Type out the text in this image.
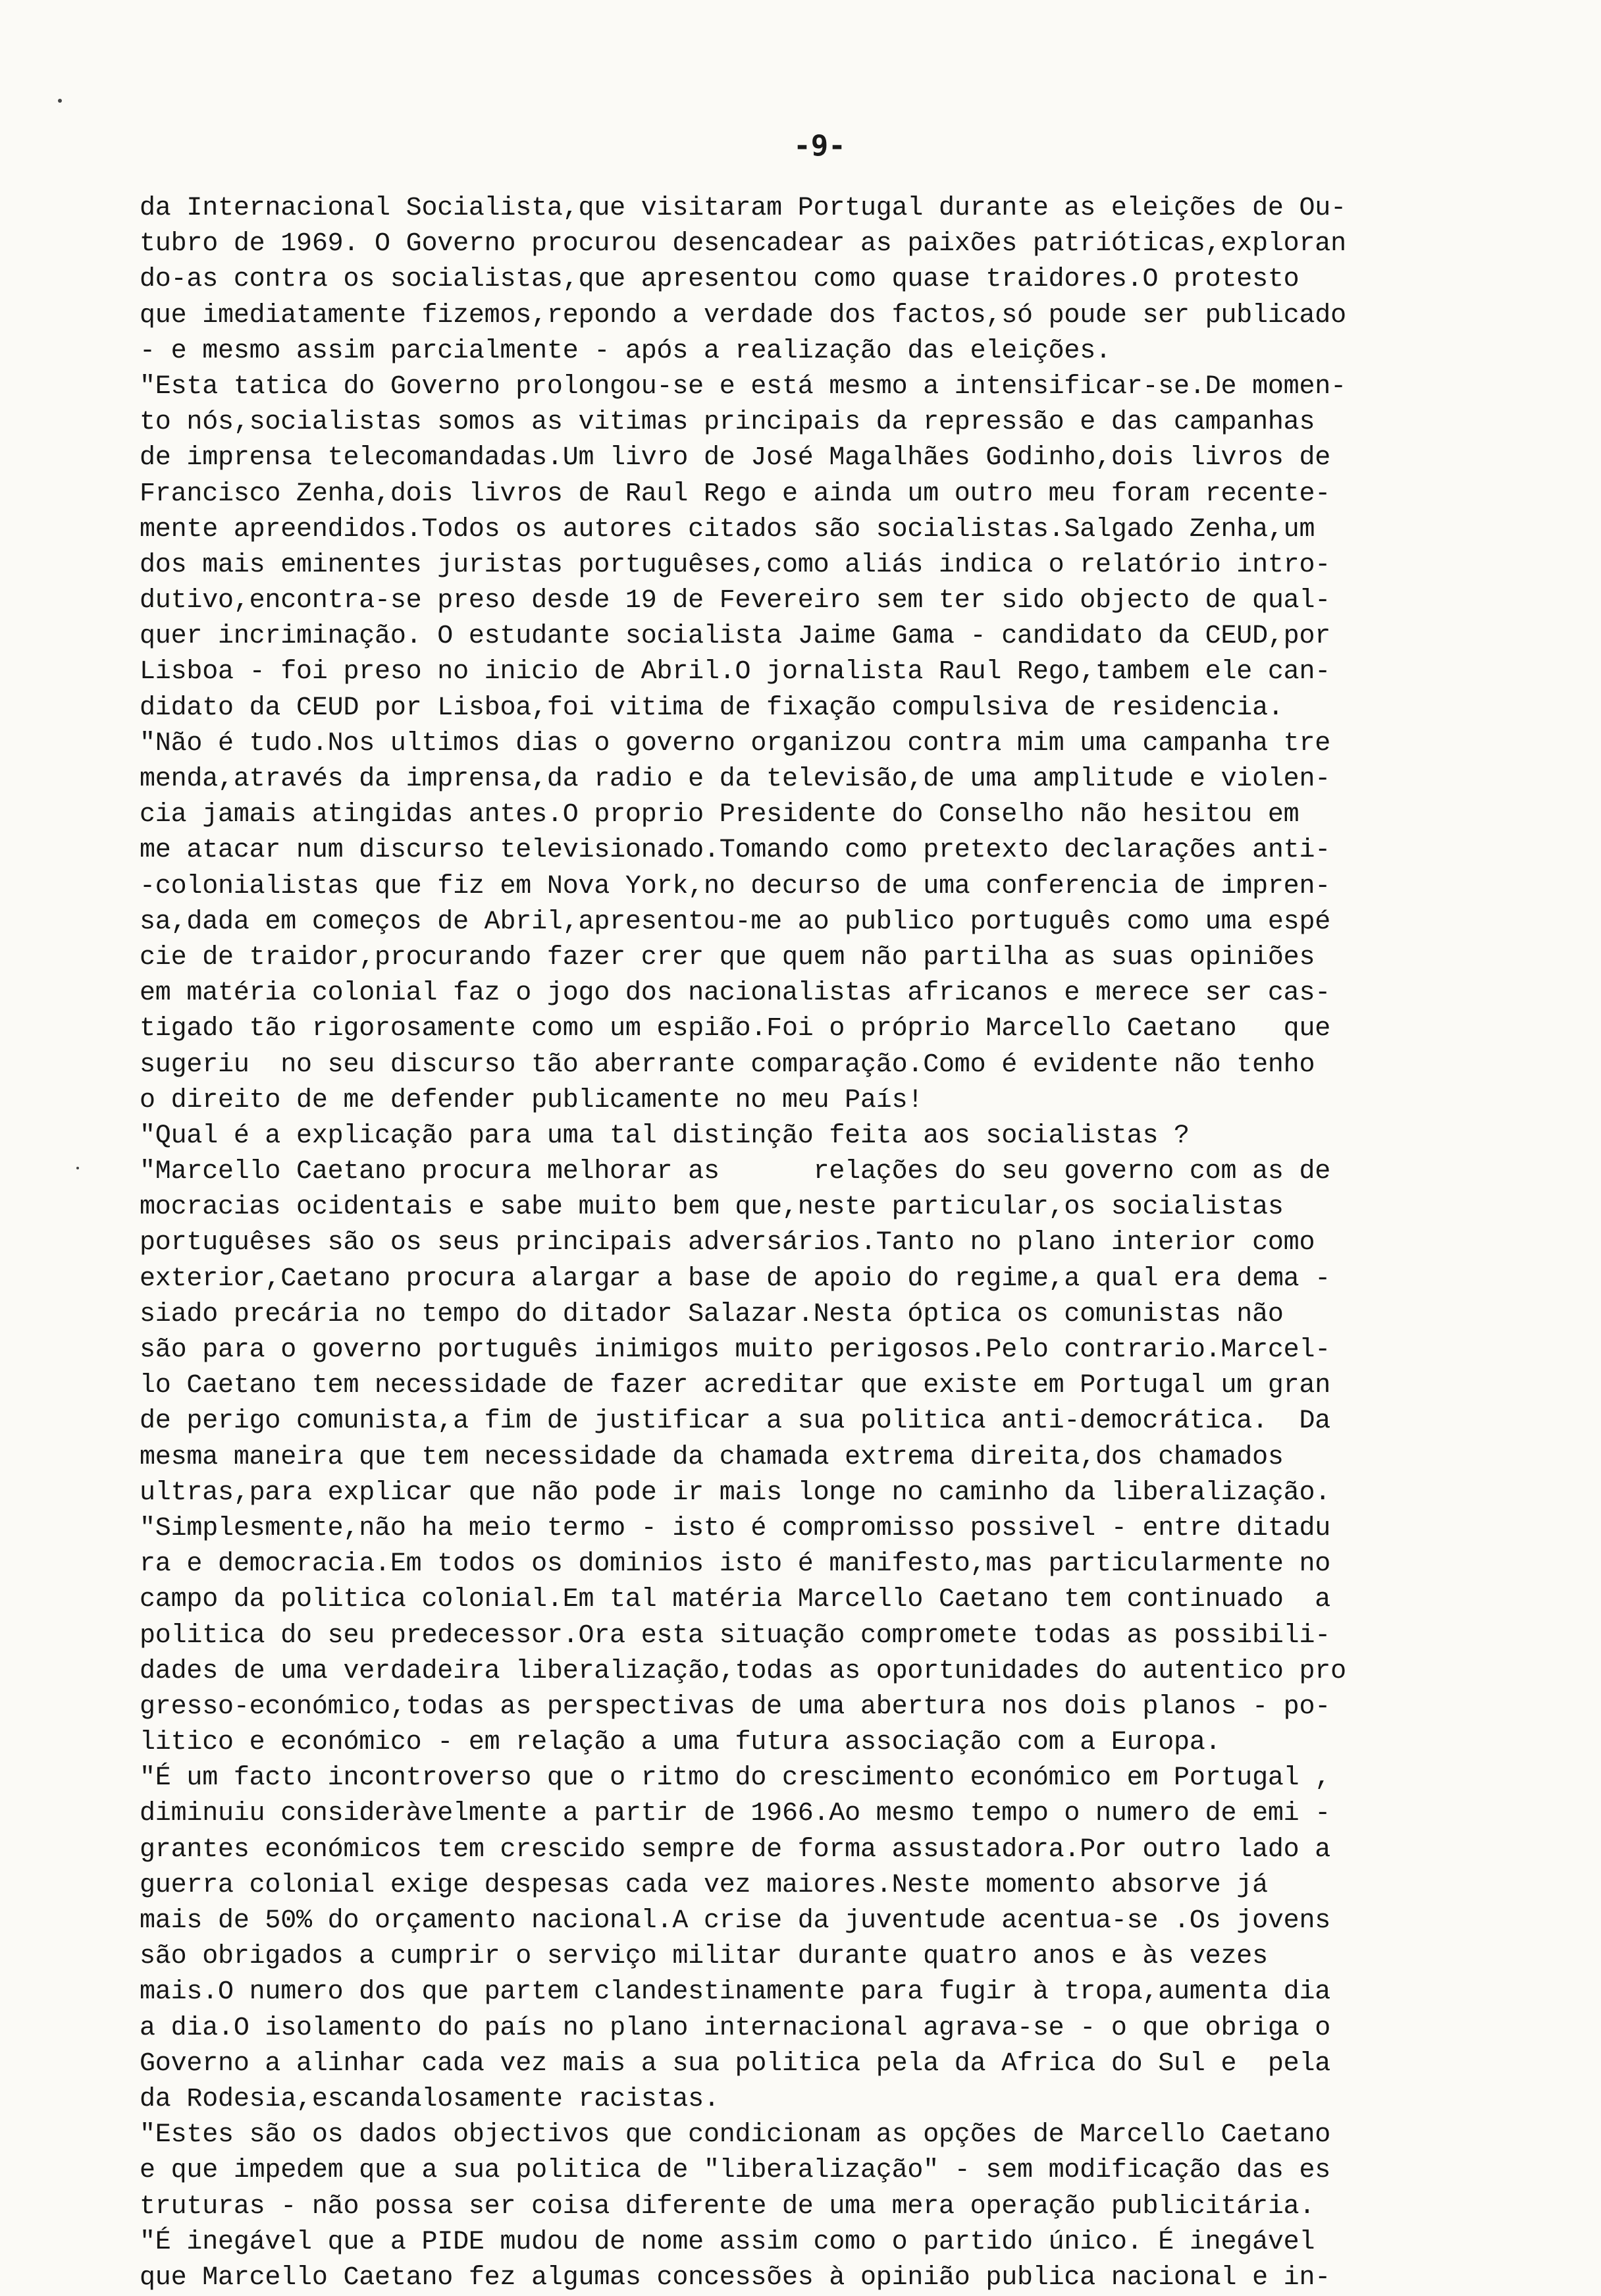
-9-
da Internacional Socialista,que visitaram Portugal durante as eleições de Ou-
tubro de 1969. O Governo procurou desencadear as paixões patrióticas,exploran
do-as contra os socialistas,que apresentou como quase traidores.O protesto
que imediatamente fizemos,repondo a verdade dos factos,só poude ser publicado
- e mesmo assim parcialmente - após a realização das eleições.
"Esta tatica do Governo prolongou-se e está mesmo a intensificar-se.De momen-
to nós,socialistas somos as vitimas principais da repressão e das campanhas
de imprensa telecomandadas.Um livro de José Magalhães Godinho,dois livros de
Francisco Zenha,dois livros de Raul Rego e ainda um outro meu foram recente-
mente apreendidos.Todos os autores citados são socialistas.Salgado Zenha,um
dos mais eminentes juristas portuguêses,como aliás indica o relatório intro-
dutivo,encontra-se preso desde 19 de Fevereiro sem ter sido objecto de qual-
quer incriminação. O estudante socialista Jaime Gama - candidato da CEUD,por
Lisboa - foi preso no inicio de Abril.O jornalista Raul Rego,tambem ele can-
didato da CEUD por Lisboa,foi vitima de fixação compulsiva de residencia.
"Não é tudo.Nos ultimos dias o governo organizou contra mim uma campanha tre
menda,através da imprensa,da radio e da televisão,de uma amplitude e violen-
cia jamais atingidas antes.O proprio Presidente do Conselho não hesitou em
me atacar num discurso televisionado.Tomando como pretexto declarações anti-
-colonialistas que fiz em Nova York,no decurso de uma conferencia de impren-
sa,dada em começos de Abril,apresentou-me ao publico português como uma espé
cie de traidor,procurando fazer crer que quem não partilha as suas opiniões
em matéria colonial faz o jogo dos nacionalistas africanos e merece ser cas-
tigado tão rigorosamente como um espião.Foi o próprio Marcello Caetano   que
sugeriu  no seu discurso tão aberrante comparação.Como é evidente não tenho
o direito de me defender publicamente no meu País!
"Qual é a explicação para uma tal distinção feita aos socialistas ?
"Marcello Caetano procura melhorar as      relações do seu governo com as de
mocracias ocidentais e sabe muito bem que,neste particular,os socialistas
portuguêses são os seus principais adversários.Tanto no plano interior como
exterior,Caetano procura alargar a base de apoio do regime,a qual era dema -
siado precária no tempo do ditador Salazar.Nesta óptica os comunistas não
são para o governo português inimigos muito perigosos.Pelo contrario.Marcel-
lo Caetano tem necessidade de fazer acreditar que existe em Portugal um gran
de perigo comunista,a fim de justificar a sua politica anti-democrática.  Da
mesma maneira que tem necessidade da chamada extrema direita,dos chamados
ultras,para explicar que não pode ir mais longe no caminho da liberalização.
"Simplesmente,não ha meio termo - isto é compromisso possivel - entre ditadu
ra e democracia.Em todos os dominios isto é manifesto,mas particularmente no
campo da politica colonial.Em tal matéria Marcello Caetano tem continuado  a
politica do seu predecessor.Ora esta situação compromete todas as possibili-
dades de uma verdadeira liberalização,todas as oportunidades do autentico pro
gresso-económico,todas as perspectivas de uma abertura nos dois planos - po-
litico e económico - em relação a uma futura associação com a Europa.
"É um facto incontroverso que o ritmo do crescimento económico em Portugal ,
diminuiu consideràvelmente a partir de 1966.Ao mesmo tempo o numero de emi -
grantes económicos tem crescido sempre de forma assustadora.Por outro lado a
guerra colonial exige despesas cada vez maiores.Neste momento absorve já
mais de 50% do orçamento nacional.A crise da juventude acentua-se .Os jovens
são obrigados a cumprir o serviço militar durante quatro anos e às vezes
mais.O numero dos que partem clandestinamente para fugir à tropa,aumenta dia
a dia.O isolamento do país no plano internacional agrava-se - o que obriga o
Governo a alinhar cada vez mais a sua politica pela da Africa do Sul e  pela
da Rodesia,escandalosamente racistas.
"Estes são os dados objectivos que condicionam as opções de Marcello Caetano
e que impedem que a sua politica de "liberalização" - sem modificação das es
truturas - não possa ser coisa diferente de uma mera operação publicitária.
"É inegável que a PIDE mudou de nome assim como o partido único. É inegável
que Marcello Caetano fez algumas concessões à opinião publica nacional e in-
